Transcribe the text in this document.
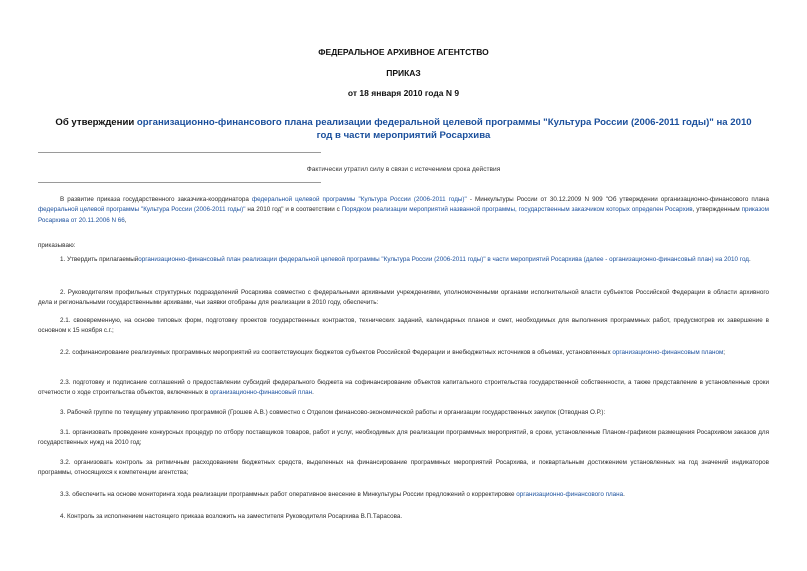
ФЕДЕРАЛЬНОЕ АРХИВНОЕ АГЕНТСТВО

ПРИКАЗ

от 18 января 2010 года N 9

Об утверждении организационно-финансового плана реализации федеральной целевой программы "Культура России (2006-2011 годы)" на 2010 год в части мероприятий Росархива

Фактически утратил силу в связи с истечением срока действия

В развитие приказа государственного заказчика-координатора федеральной целевой программы "Культура России (2006-2011 годы)" - Минкультуры России от 30.12.2009 N 909 "Об утверждении организационно-финансового плана федеральной целевой программы "Культура России (2006-2011 годы)" на 2010 год" и в соответствии с Порядком реализации мероприятий названной программы, государственным заказчиком которых определен Росархив, утвержденным приказом Росархива от 20.11.2006 N 66,

приказываю:

1. Утвердить прилагаемыйорганизационно-финансовый план реализации федеральной целевой программы "Культура России (2006-2011 годы)" в части мероприятий Росархива (далее - организационно-финансовый план) на 2010 год.

2. Руководителям профильных структурных подразделений Росархива совместно с федеральными архивными учреждениями, уполномоченными органами исполнительной власти субъектов Российской Федерации в области архивного дела и региональными государственными архивами, чьи заявки отобраны для реализации в 2010 году, обеспечить:

2.1. своевременную, на основе типовых форм, подготовку проектов государственных контрактов, технических заданий, календарных планов и смет, необходимых для выполнения программных работ, предусмотрев их завершение в основном к 15 ноября с.г.;

2.2. софинансирование реализуемых программных мероприятий из соответствующих бюджетов субъектов Российской Федерации и внебюджетных источников в объемах, установленных организационно-финансовым планом;

2.3. подготовку и подписание соглашений о предоставлении субсидий федерального бюджета на софинансирование объектов капитального строительства государственной собственности, а также представление в установленные сроки отчетности о ходе строительства объектов, включенных в организационно-финансовый план.

3. Рабочей группе по текущему управлению программой (Грошев А.В.) совместно с Отделом финансово-экономической работы и организации государственных закупок (Отводная О.Р.):

3.1. организовать проведение конкурсных процедур по отбору поставщиков товаров, работ и услуг, необходимых для реализации программных мероприятий, в сроки, установленные Планом-графиком размещения Росархивом заказов для государственных нужд на 2010 год;

3.2. организовать контроль за ритмичным расходованием бюджетных средств, выделенных на финансирование программных мероприятий Росархива, и поквартальным достижением установленных на год значений индикаторов программы, относящихся к компетенции агентства;

3.3. обеспечить на основе мониторинга хода реализации программных работ оперативное внесение в Минкультуры России предложений о корректировке организационно-финансового плана.

4. Контроль за исполнением настоящего приказа возложить на заместителя Руководителя Росархива В.П.Тарасова.
